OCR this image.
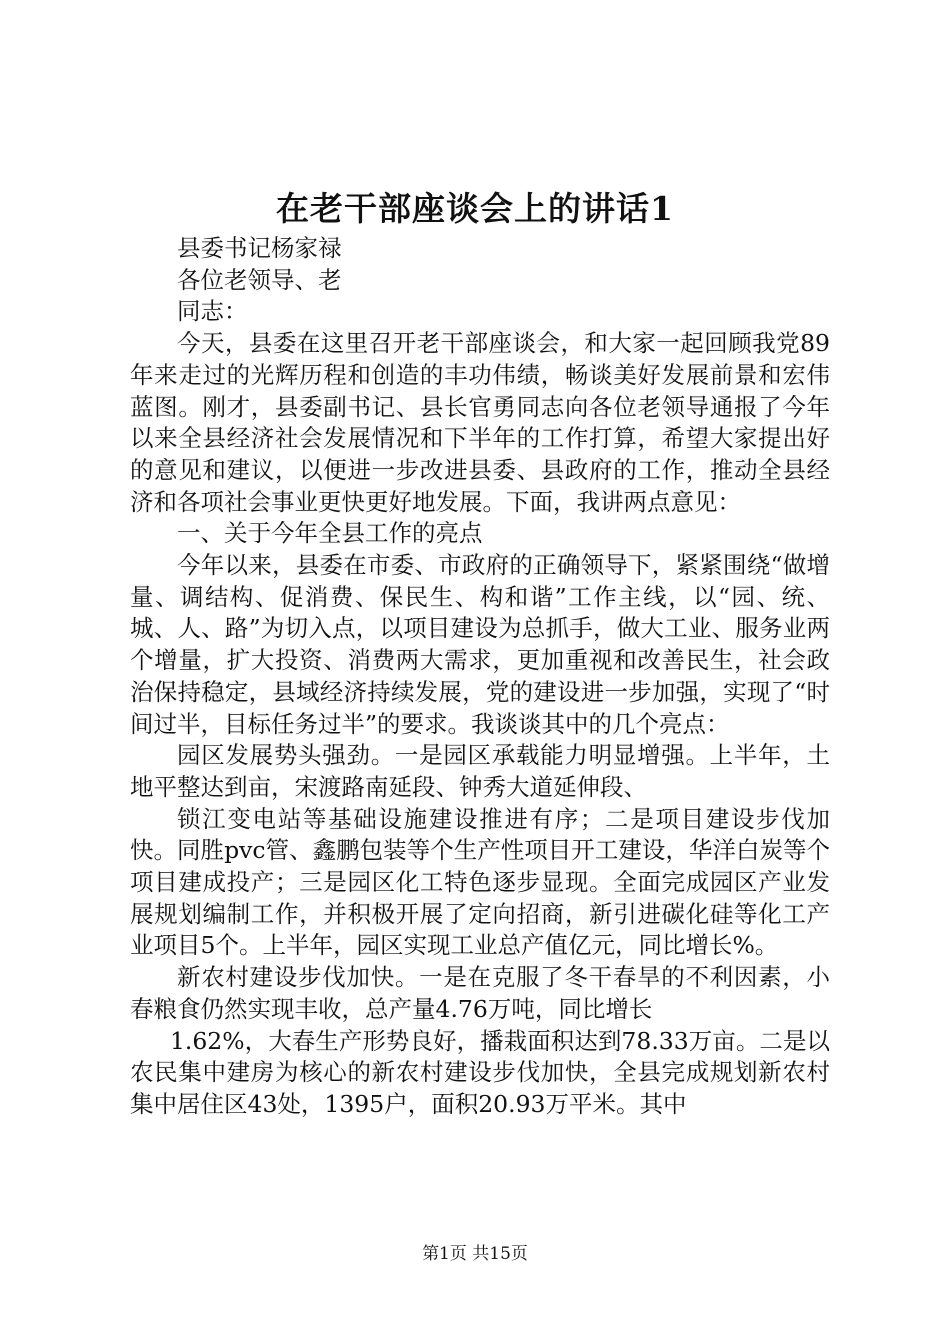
在老干部座谈会上的讲话1

县委书记杨家禄

各位老领导、老

同志：

今天，县委在这里召开老干部座谈会，和大家一起回顾我党89年来走过的光辉历程和创造的丰功伟绩，畅谈美好发展前景和宏伟蓝图。刚才，县委副书记、县长官勇同志向各位老领导通报了今年以来全县经济社会发展情况和下半年的工作打算，希望大家提出好的意见和建议，以便进一步改进县委、县政府的工作，推动全县经济和各项社会事业更快更好地发展。下面，我讲两点意见：

一、关于今年全县工作的亮点

今年以来，县委在市委、市政府的正确领导下，紧紧围绕“做增量、调结构、促消费、保民生、构和谐”工作主线，以“园、统、城、人、路”为切入点，以项目建设为总抓手，做大工业、服务业两个增量，扩大投资、消费两大需求，更加重视和改善民生，社会政治保持稳定，县域经济持续发展，党的建设进一步加强，实现了“时间过半，目标任务过半”的要求。我谈谈其中的几个亮点：

园区发展势头强劲。一是园区承载能力明显增强。上半年，土地平整达到亩，宋渡路南延段、钟秀大道延伸段、

锁江变电站等基础设施建设推进有序；二是项目建设步伐加快。同胜pvc管、鑫鹏包装等个生产性项目开工建设，华洋白炭等个项目建成投产；三是园区化工特色逐步显现。全面完成园区产业发展规划编制工作，并积极开展了定向招商，新引进碳化硅等化工产业项目5个。上半年，园区实现工业总产值亿元，同比增长%。

新农村建设步伐加快。一是在克服了冬干春旱的不利因素，小春粮食仍然实现丰收，总产量4.76万吨，同比增长

1.62%，大春生产形势良好，播栽面积达到78.33万亩。二是以农民集中建房为核心的新农村建设步伐加快，全县完成规划新农村集中居住区43处，1395户，面积20.93万平米。其中

第1页 共15页
